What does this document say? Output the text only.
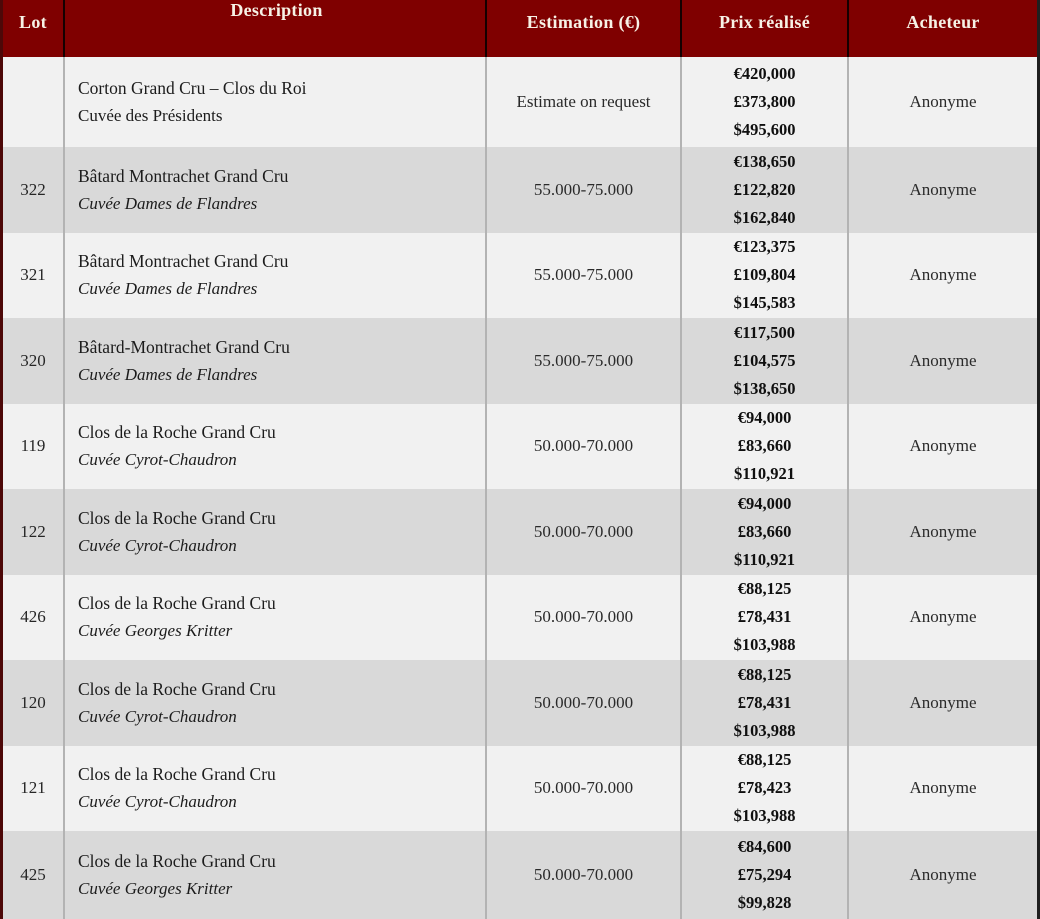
Lot
Description
Estimation (€)	Prix réalisé	Acheteur
Corton Grand Cru – Clos du Roi
Cuvée des Présidents
Estimate on request
€420,000
£373,800
$495,600
Anonyme
322
Bâtard Montrachet Grand Cru
Cuvée Dames de Flandres
55.000-75.000
€138,650
£122,820
$162,840
Anonyme
321
Bâtard Montrachet Grand Cru
Cuvée Dames de Flandres
55.000-75.000
€123,375
£109,804
$145,583
Anonyme
320
Bâtard-Montrachet Grand Cru
Cuvée Dames de Flandres
55.000-75.000
€117,500
£104,575
$138,650
Anonyme
119
Clos de la Roche Grand Cru
Cuvée Cyrot-Chaudron
50.000-70.000
€94,000
£83,660
$110,921
Anonyme
122
Clos de la Roche Grand Cru
Cuvée Cyrot-Chaudron
50.000-70.000
€94,000
£83,660
$110,921
Anonyme
426
Clos de la Roche Grand Cru
Cuvée Georges Kritter
50.000-70.000
€88,125
£78,431
$103,988
Anonyme
120
Clos de la Roche Grand Cru
Cuvée Cyrot-Chaudron
50.000-70.000
€88,125
£78,431
$103,988
Anonyme
121
Clos de la Roche Grand Cru
Cuvée Cyrot-Chaudron
50.000-70.000
€88,125
£78,423
$103,988
Anonyme
425
Clos de la Roche Grand Cru
Cuvée Georges Kritter
50.000-70.000
€84,600
£75,294
$99,828
Anonyme
